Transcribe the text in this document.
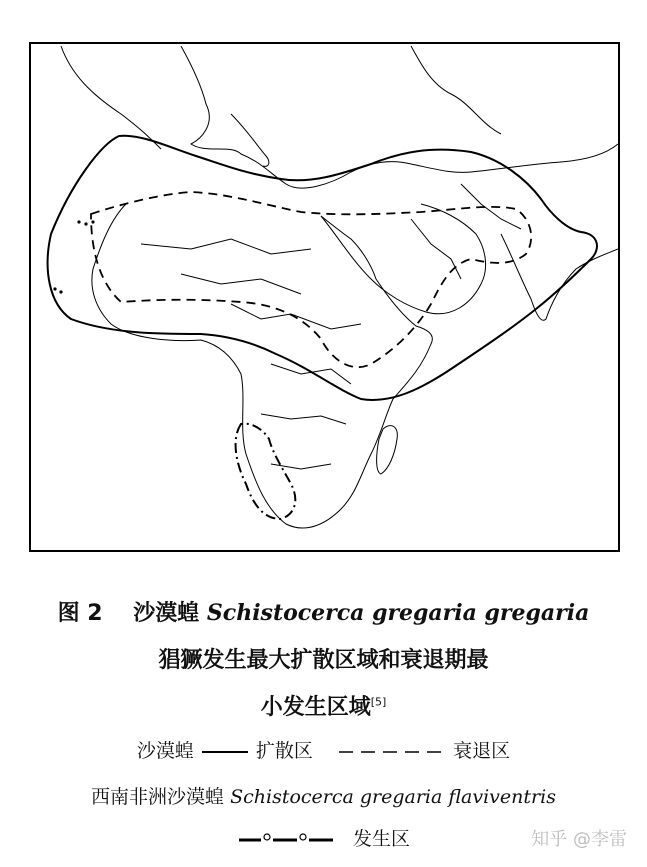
图 2 沙漠蝗 Schistocerca gregaria gregaria
猖獗发生最大扩散区域和衰退期最
小发生区域[5]
沙漠蝗	扩散区	衰退区
西南非洲沙漠蝗 Schistocerca gregaria flaviventris
发生区	知乎 @李雷
